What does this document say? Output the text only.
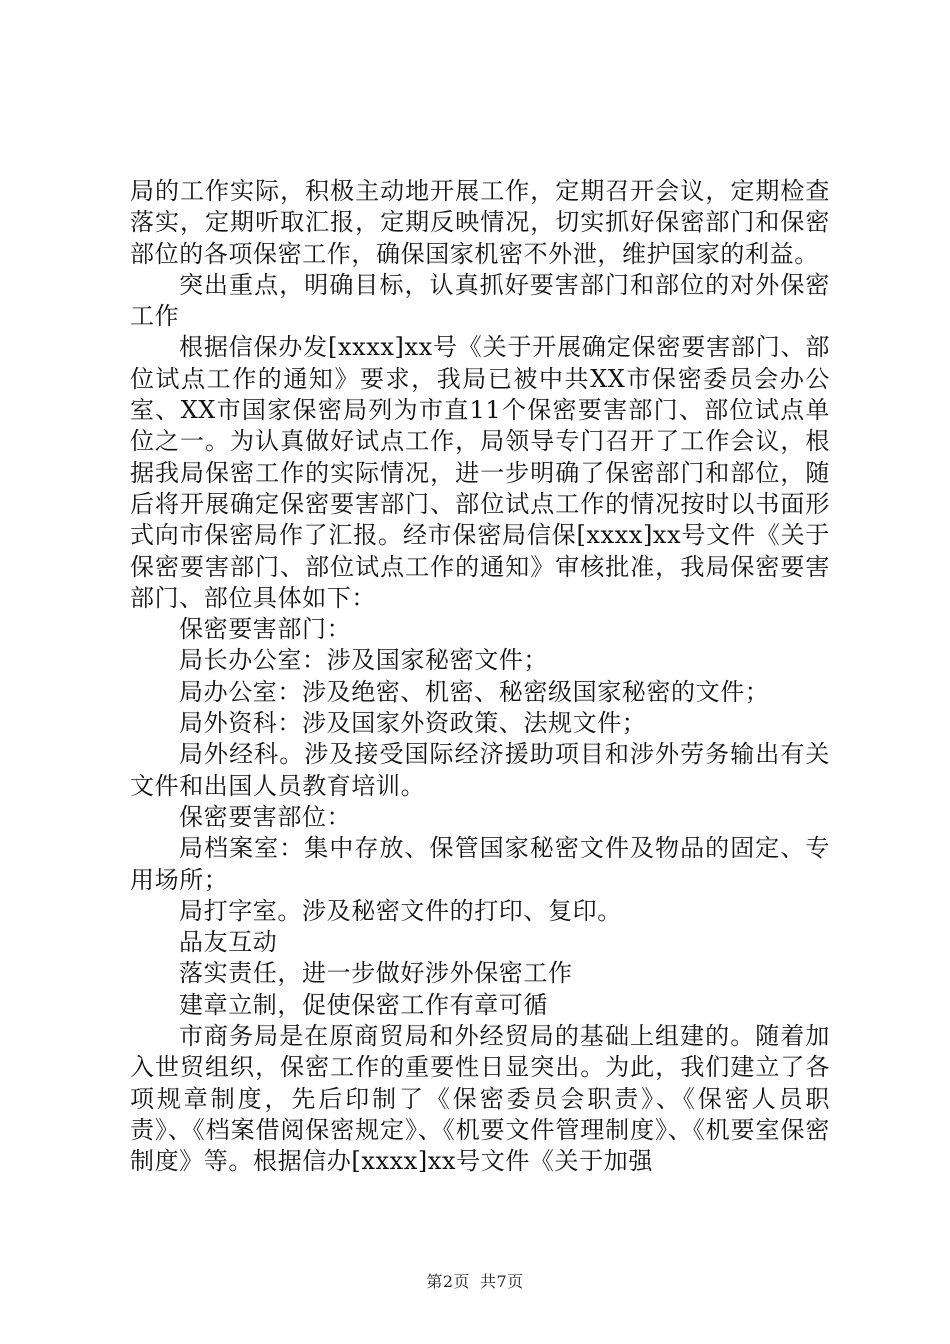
局的工作实际，积极主动地开展工作，定期召开会议，定期检查落实，定期听取汇报，定期反映情况，切实抓好保密部门和保密部位的各项保密工作，确保国家机密不外泄，维护国家的利益。

突出重点，明确目标，认真抓好要害部门和部位的对外保密工作

根据信保办发[xxxx]xx号《关于开展确定保密要害部门、部位试点工作的通知》要求，我局已被中共XX市保密委员会办公室、XX市国家保密局列为市直11个保密要害部门、部位试点单位之一。为认真做好试点工作，局领导专门召开了工作会议，根据我局保密工作的实际情况，进一步明确了保密部门和部位，随后将开展确定保密要害部门、部位试点工作的情况按时以书面形式向市保密局作了汇报。经市保密局信保[xxxx]xx号文件《关于保密要害部门、部位试点工作的通知》审核批准，我局保密要害部门、部位具体如下：

保密要害部门：

局长办公室：涉及国家秘密文件；

局办公室：涉及绝密、机密、秘密级国家秘密的文件；

局外资科：涉及国家外资政策、法规文件；

局外经科。涉及接受国际经济援助项目和涉外劳务输出有关文件和出国人员教育培训。

保密要害部位：

局档案室：集中存放、保管国家秘密文件及物品的固定、专用场所；

局打字室。涉及秘密文件的打印、复印。

品友互动

落实责任，进一步做好涉外保密工作

建章立制，促使保密工作有章可循

市商务局是在原商贸局和外经贸局的基础上组建的。随着加入世贸组织，保密工作的重要性日显突出。为此，我们建立了各项规章制度，先后印制了《保密委员会职责》、《保密人员职责》、《档案借阅保密规定》、《机要文件管理制度》、《机要室保密制度》等。根据信办[xxxx]xx号文件《关于加强

第2页 共7页
